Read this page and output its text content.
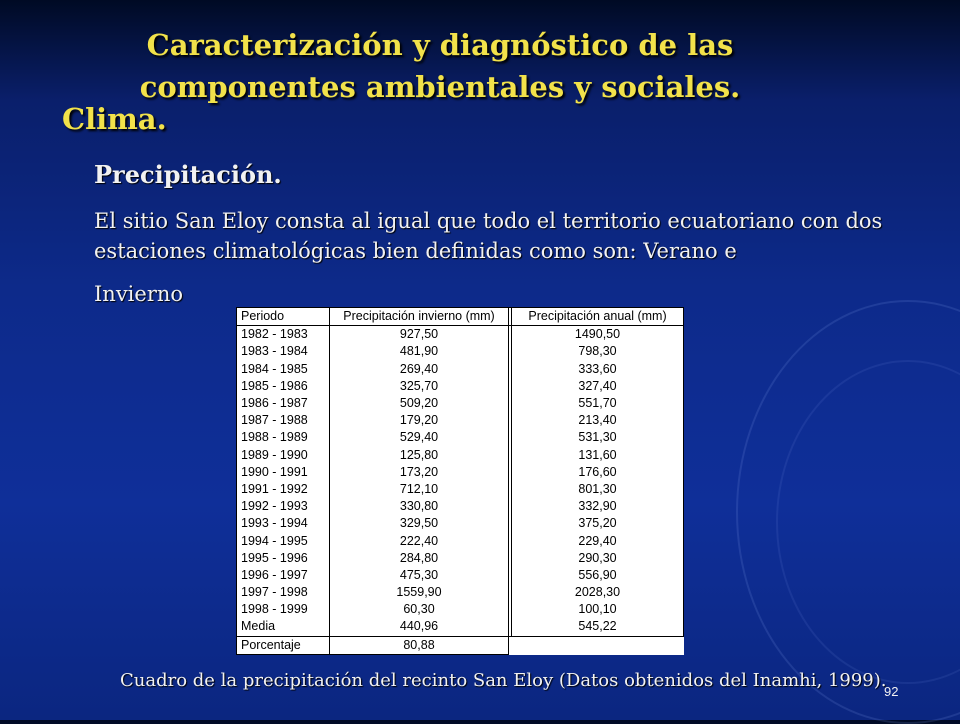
Caracterización y diagnóstico de las
componentes ambientales y sociales.
Clima.
Precipitación.
El sitio San Eloy consta al igual que todo el territorio ecuatoriano con dos estaciones climatológicas bien definidas como son: Verano e
Invierno
Periodo	Precipitación invierno (mm)		Precipitación anual (mm)
1982 - 1983	927,50		1490,50
1983 - 1984	481,90		798,30
1984 - 1985	269,40		333,60
1985 - 1986	325,70		327,40
1986 - 1987	509,20		551,70
1987 - 1988	179,20		213,40
1988 - 1989	529,40		531,30
1989 - 1990	125,80		131,60
1990 - 1991	173,20		176,60
1991 - 1992	712,10		801,30
1992 - 1993	330,80		332,90
1993 - 1994	329,50		375,20
1994 - 1995	222,40		229,40
1995 - 1996	284,80		290,30
1996 - 1997	475,30		556,90
1997 - 1998	1559,90		2028,30
1998 - 1999	60,30		100,10
Media	440,96		545,22
Porcentaje	80,88		
Cuadro de la precipitación del recinto San Eloy (Datos obtenidos del Inamhi, 1999).
92
